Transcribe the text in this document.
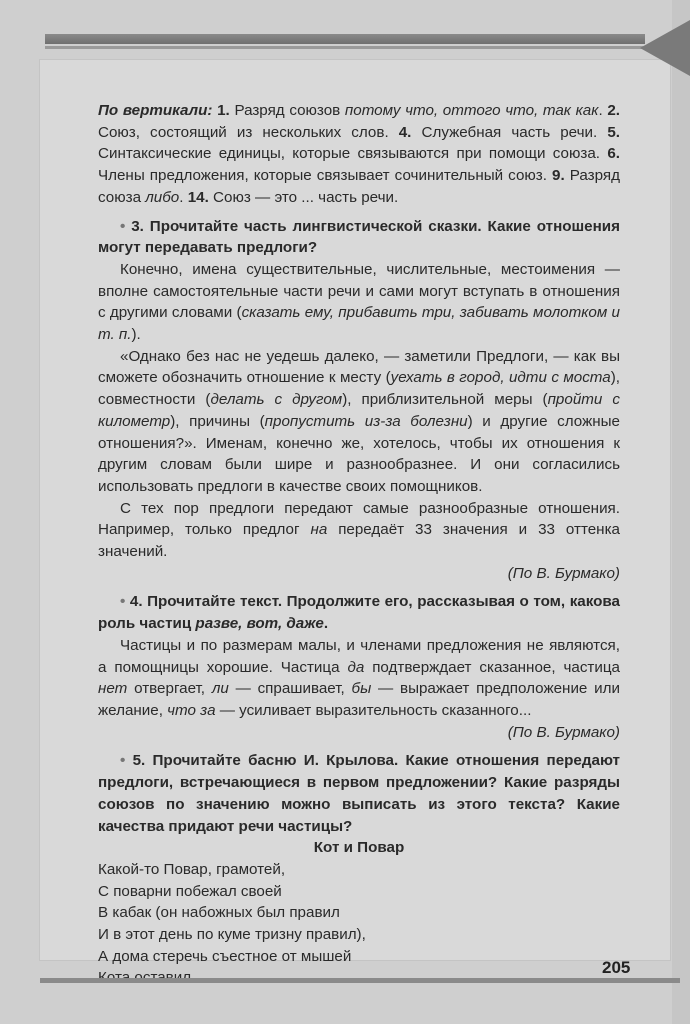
По вертикали: 1. Разряд союзов потому что, оттого что, так как. 2. Союз, состоящий из нескольких слов. 4. Служебная часть речи. 5. Синтаксические единицы, которые связываются при помощи союза. 6. Члены предложения, которые связывает сочинительный союз. 9. Разряд союза либо. 14. Союз — это ... часть речи.

• 3. Прочитайте часть лингвистической сказки. Какие отношения могут передавать предлоги?

Конечно, имена существительные, числительные, местоимения — вполне самостоятельные части речи и сами могут вступать в отношения с другими словами (сказать ему, прибавить три, забивать молотком и т. п.).

«Однако без нас не уедешь далеко, — заметили Предлоги, — как вы сможете обозначить отношение к месту (уехать в город, идти с моста), совместности (делать с другом), приблизительной меры (пройти с километр), причины (пропустить из-за болезни) и другие сложные отношения?». Именам, конечно же, хотелось, чтобы их отношения к другим словам были шире и разнообразнее. И они согласились использовать предлоги в качестве своих помощников.

С тех пор предлоги передают самые разнообразные отношения. Например, только предлог на передаёт 33 значения и 33 оттенка значений.

(По В. Бурмако)

• 4. Прочитайте текст. Продолжите его, рассказывая о том, какова роль частиц разве, вот, даже.

Частицы и по размерам малы, и членами предложения не являются, а помощницы хорошие. Частица да подтверждает сказанное, частица нет отвергает, ли — спрашивает, бы — выражает предположение или желание, что за — усиливает выразительность сказанного...

(По В. Бурмако)

• 5. Прочитайте басню И. Крылова. Какие отношения передают предлоги, встречающиеся в первом предложении? Какие разряды союзов по значению можно выписать из этого текста? Какие качества придают речи частицы?

Кот и Повар

Какой-то Повар, грамотей,

С поварни побежал своей

В кабак (он набожных был правил

И в этот день по куме тризну правил),

А дома стеречь съестное от мышей

205
